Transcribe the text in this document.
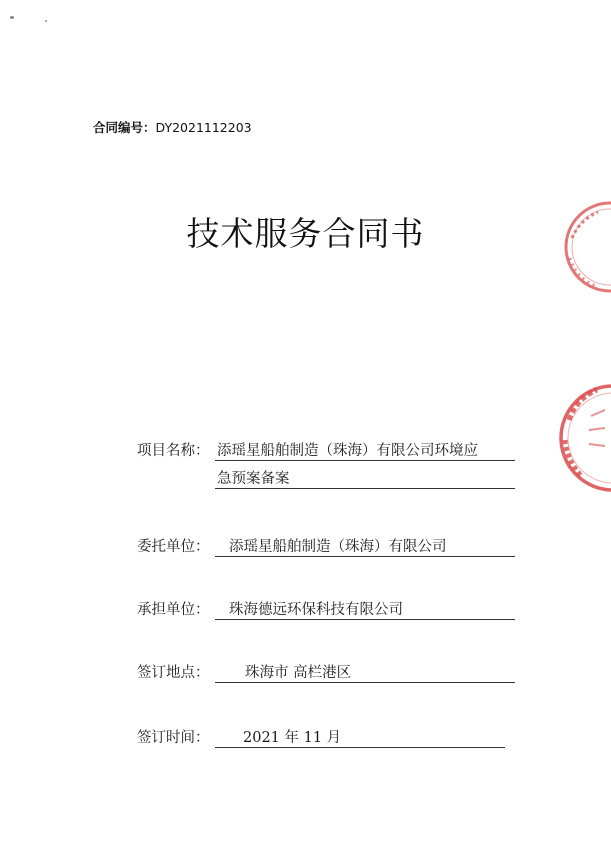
合同编号：DY2021112203
技术服务合同书
项目名称： 添瑶星船舶制造（珠海）有限公司环境应
急预案备案
委托单位： 添瑶星船舶制造（珠海）有限公司
承担单位： 珠海德远环保科技有限公司
签订地点： 珠海市 高栏港区
签订时间： 2021 年 11 月
